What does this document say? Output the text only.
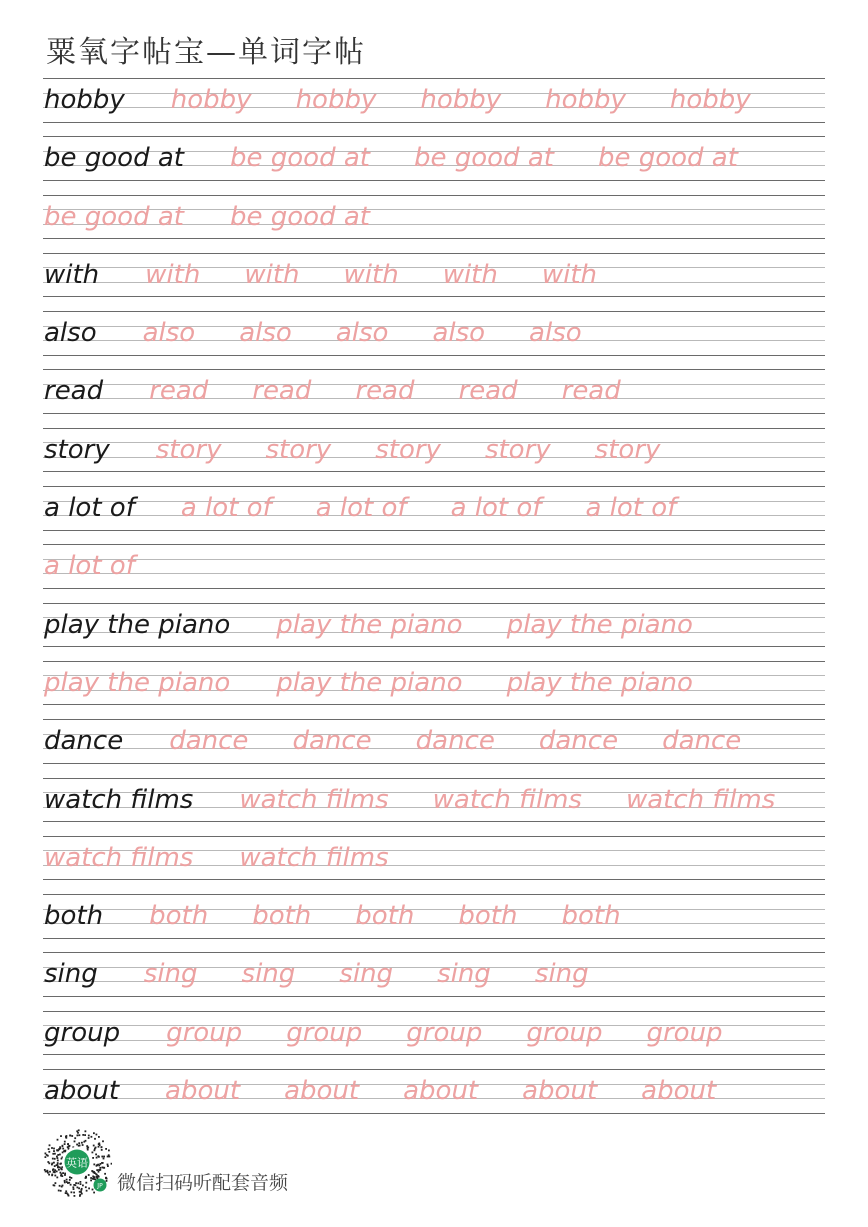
粟氧字帖宝—单词字帖
hobby hobby hobby hobby hobby hobby
be good at be good at be good at be good at
be good at be good at
with with with with with with
also also also also also also
read read read read read read
story story story story story story
a lot of a lot of a lot of a lot of a lot of
a lot of
play the piano play the piano play the piano
play the piano play the piano play the piano
dance dance dance dance dance dance
watch films watch films watch films watch films
watch films watch films
both both both both both both
sing sing sing sing sing sing
group group group group group group
about about about about about about
英语
JP 微信扫码听配套音频
